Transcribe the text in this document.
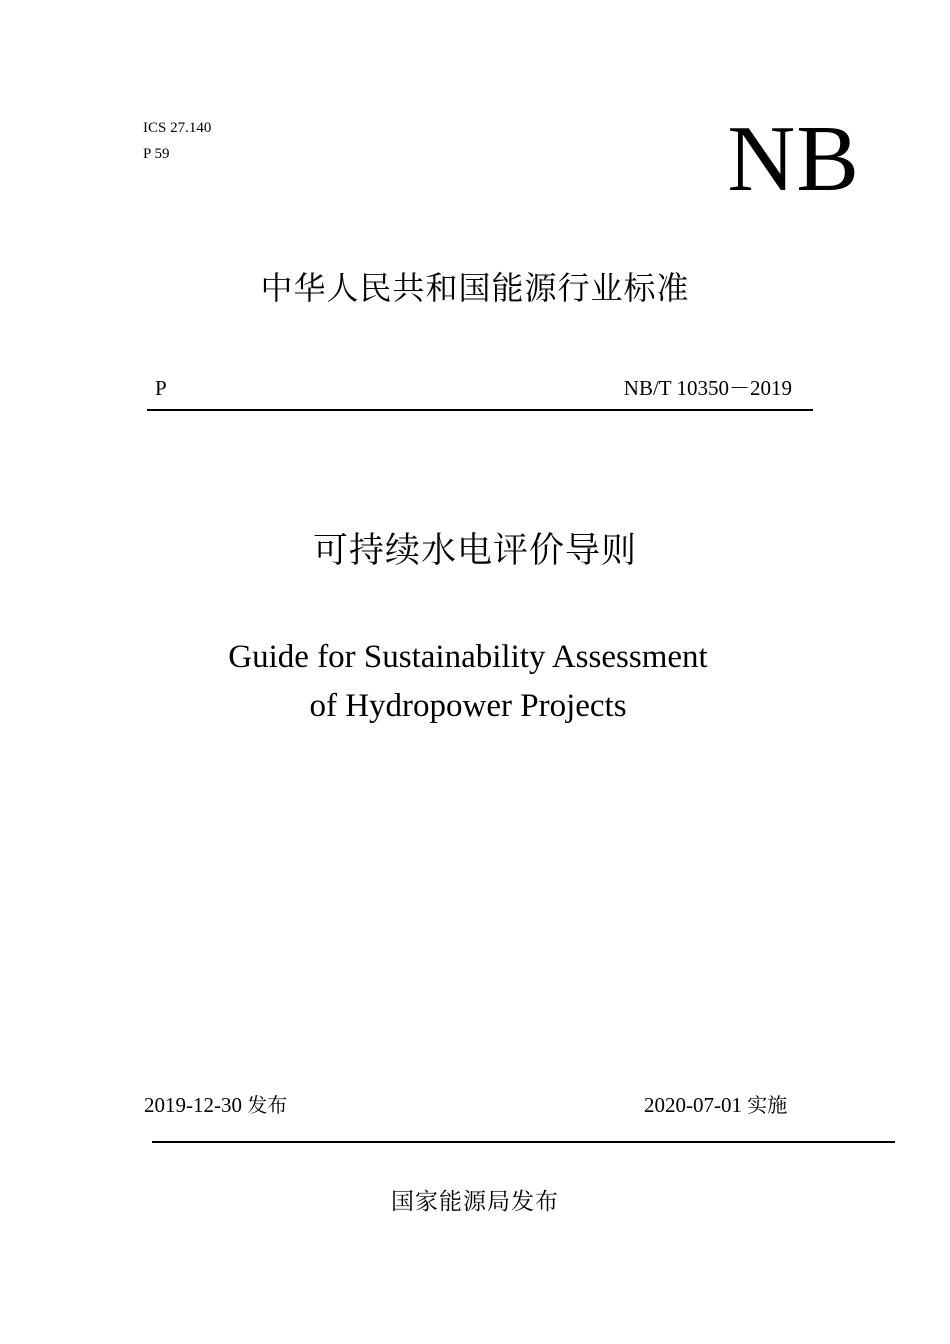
ICS 27.140
P 59	NB
中华人民共和国能源行业标准
P	NB/T 10350－2019
可持续水电评价导则
Guide for Sustainability Assessment
of Hydropower Projects
2019-12-30 发布	2020-07-01 实施
国家能源局发布
